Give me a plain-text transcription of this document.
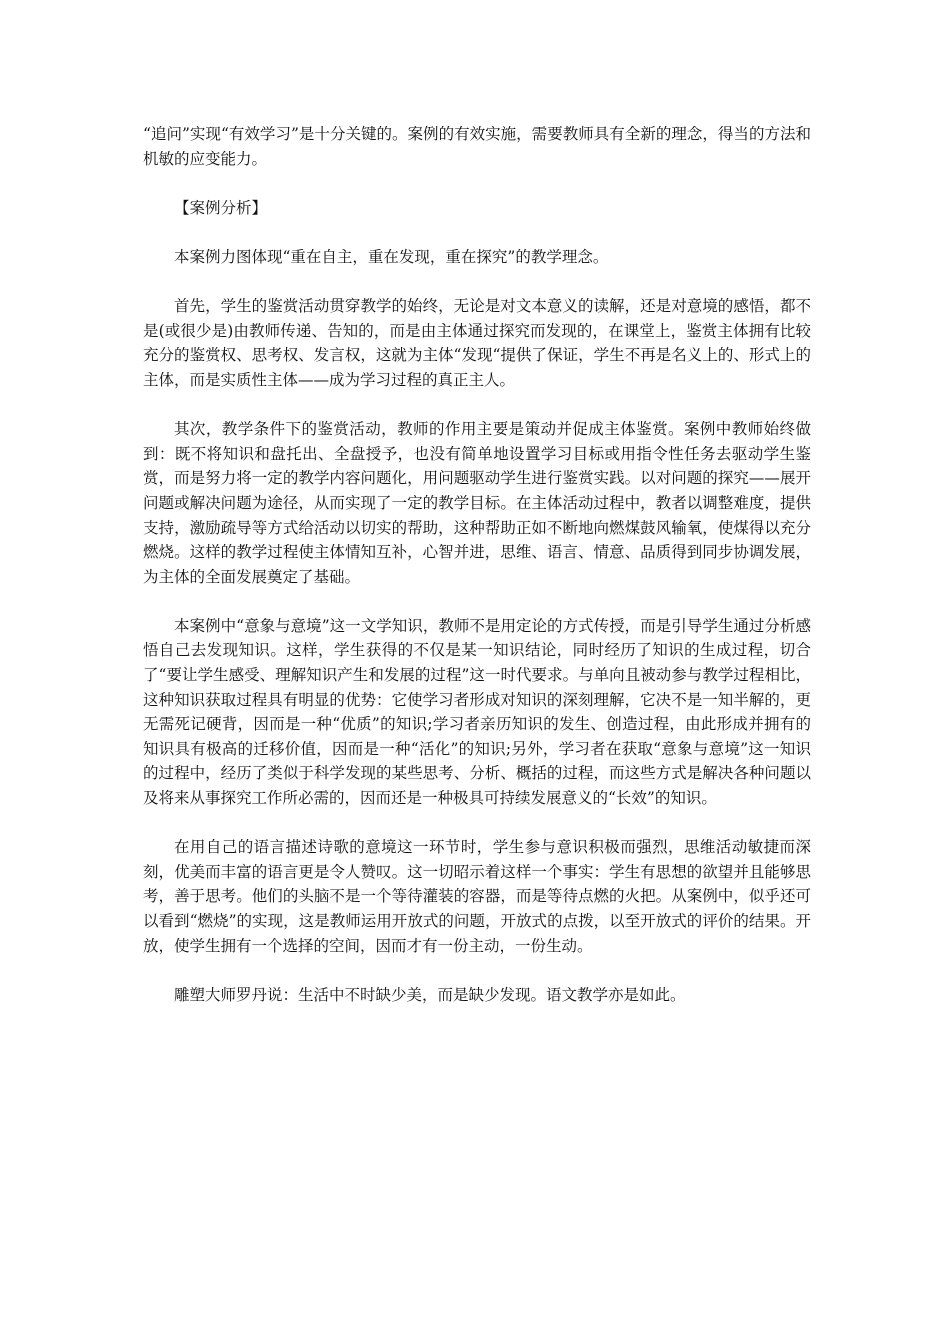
“追问”实现“有效学习”是十分关键的。案例的有效实施，需要教师具有全新的理念，得当的方法和机敏的应变能力。

【案例分析】

本案例力图体现“重在自主，重在发现，重在探究”的教学理念。

首先，学生的鉴赏活动贯穿教学的始终，无论是对文本意义的读解，还是对意境的感悟，都不是(或很少是)由教师传递、告知的，而是由主体通过探究而发现的，在课堂上，鉴赏主体拥有比较充分的鉴赏权、思考权、发言权，这就为主体“发现“提供了保证，学生不再是名义上的、形式上的主体，而是实质性主体——成为学习过程的真正主人。

其次，教学条件下的鉴赏活动，教师的作用主要是策动并促成主体鉴赏。案例中教师始终做到：既不将知识和盘托出、全盘授予，也没有简单地设置学习目标或用指令性任务去驱动学生鉴赏，而是努力将一定的教学内容问题化，用问题驱动学生进行鉴赏实践。以对问题的探究——展开问题或解决问题为途径，从而实现了一定的教学目标。在主体活动过程中，教者以调整难度，提供支持，激励疏导等方式给活动以切实的帮助，这种帮助正如不断地向燃煤鼓风输氧，使煤得以充分燃烧。这样的教学过程使主体情知互补，心智并进，思维、语言、情意、品质得到同步协调发展，为主体的全面发展奠定了基础。

本案例中“意象与意境”这一文学知识，教师不是用定论的方式传授，而是引导学生通过分析感悟自己去发现知识。这样，学生获得的不仅是某一知识结论，同时经历了知识的生成过程，切合了“要让学生感受、理解知识产生和发展的过程”这一时代要求。与单向且被动参与教学过程相比，这种知识获取过程具有明显的优势：它使学习者形成对知识的深刻理解，它决不是一知半解的，更无需死记硬背，因而是一种“优质”的知识;学习者亲历知识的发生、创造过程，由此形成并拥有的知识具有极高的迁移价值，因而是一种“活化”的知识;另外，学习者在获取“意象与意境”这一知识的过程中，经历了类似于科学发现的某些思考、分析、概括的过程，而这些方式是解决各种问题以及将来从事探究工作所必需的，因而还是一种极具可持续发展意义的“长效”的知识。

在用自己的语言描述诗歌的意境这一环节时，学生参与意识积极而强烈，思维活动敏捷而深刻，优美而丰富的语言更是令人赞叹。这一切昭示着这样一个事实：学生有思想的欲望并且能够思考，善于思考。他们的头脑不是一个等待灌装的容器，而是等待点燃的火把。从案例中，似乎还可以看到“燃烧”的实现，这是教师运用开放式的问题，开放式的点拨，以至开放式的评价的结果。开放，使学生拥有一个选择的空间，因而才有一份主动，一份生动。

雕塑大师罗丹说：生活中不时缺少美，而是缺少发现。语文教学亦是如此。
